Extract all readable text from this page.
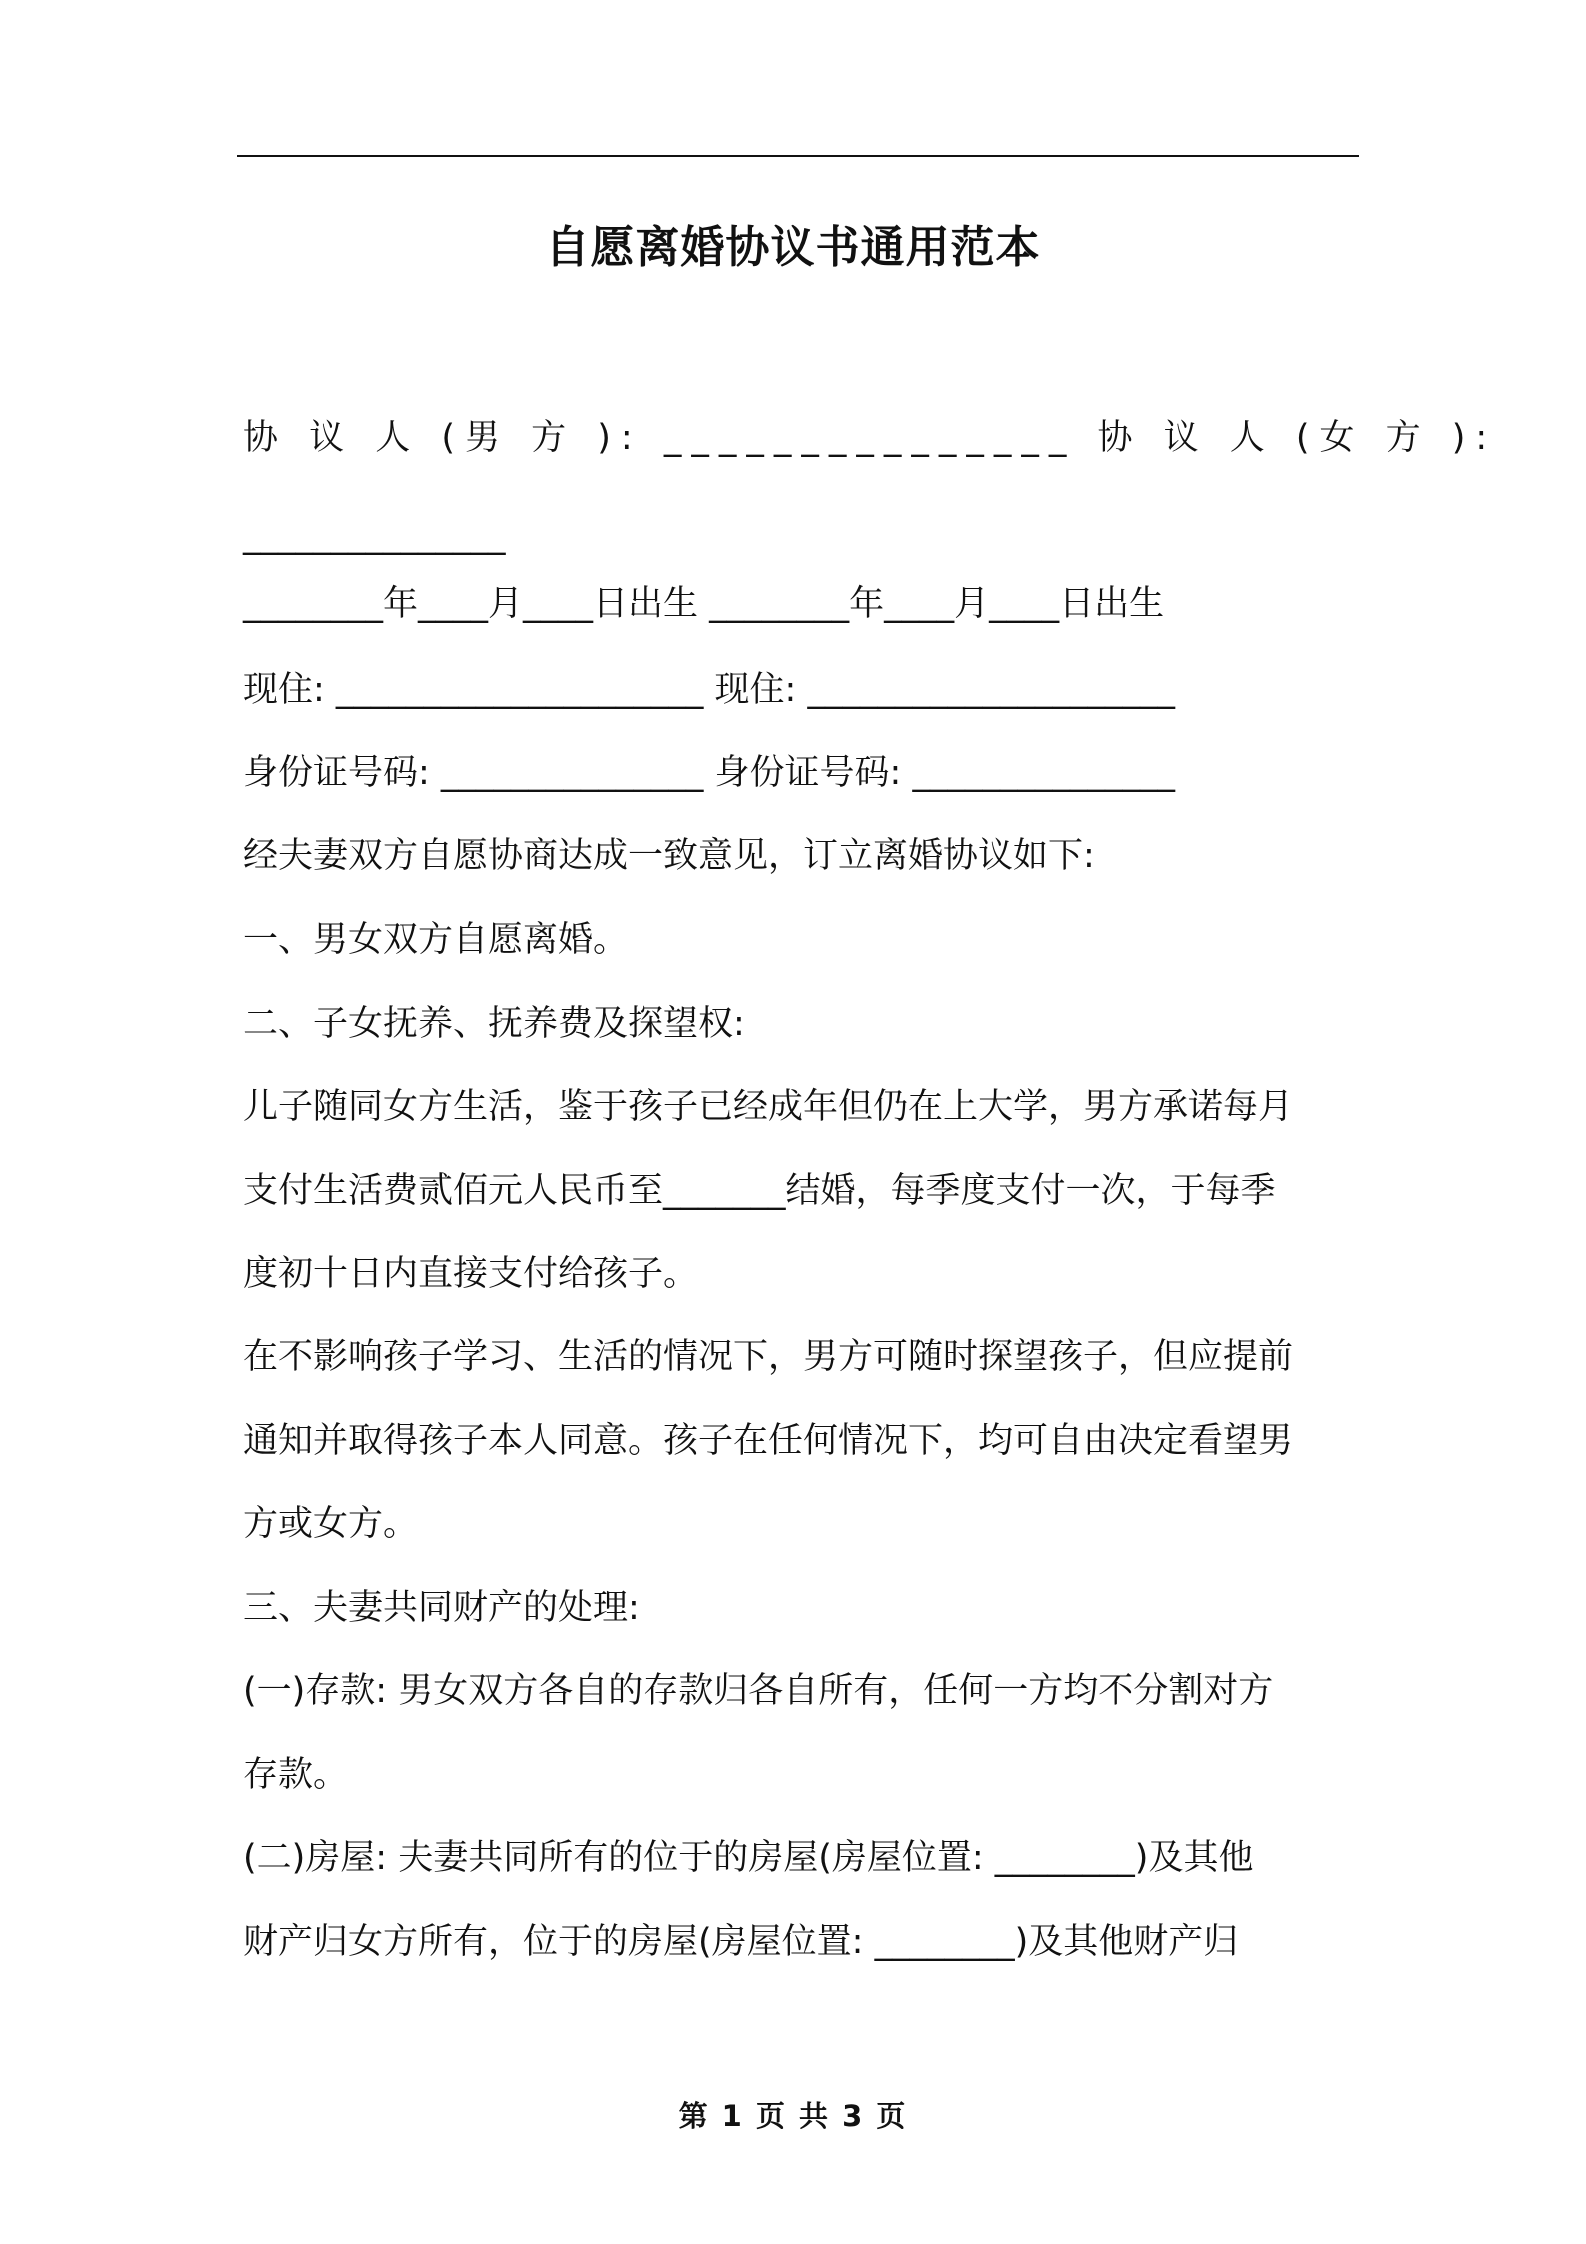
自愿离婚协议书通用范本
协 议 人 (男 方 ): _______________ 协 议 人 (女 方 ):
_______________
________年____月____日出生 ________年____月____日出生
现住: _____________________ 现住: _____________________
身份证号码: _______________ 身份证号码: _______________
经夫妻双方自愿协商达成一致意见，订立离婚协议如下:
一、男女双方自愿离婚。
二、子女抚养、抚养费及探望权:
儿子随同女方生活，鉴于孩子已经成年但仍在上大学，男方承诺每月
支付生活费贰佰元人民币至_______结婚，每季度支付一次，于每季
度初十日内直接支付给孩子。
在不影响孩子学习、生活的情况下，男方可随时探望孩子，但应提前
通知并取得孩子本人同意。孩子在任何情况下，均可自由决定看望男
方或女方。
三、夫妻共同财产的处理:
(一)存款: 男女双方各自的存款归各自所有，任何一方均不分割对方
存款。
(二)房屋: 夫妻共同所有的位于的房屋(房屋位置: ________)及其他
财产归女方所有，位于的房屋(房屋位置: ________)及其他财产归
第 1 页 共 3 页
